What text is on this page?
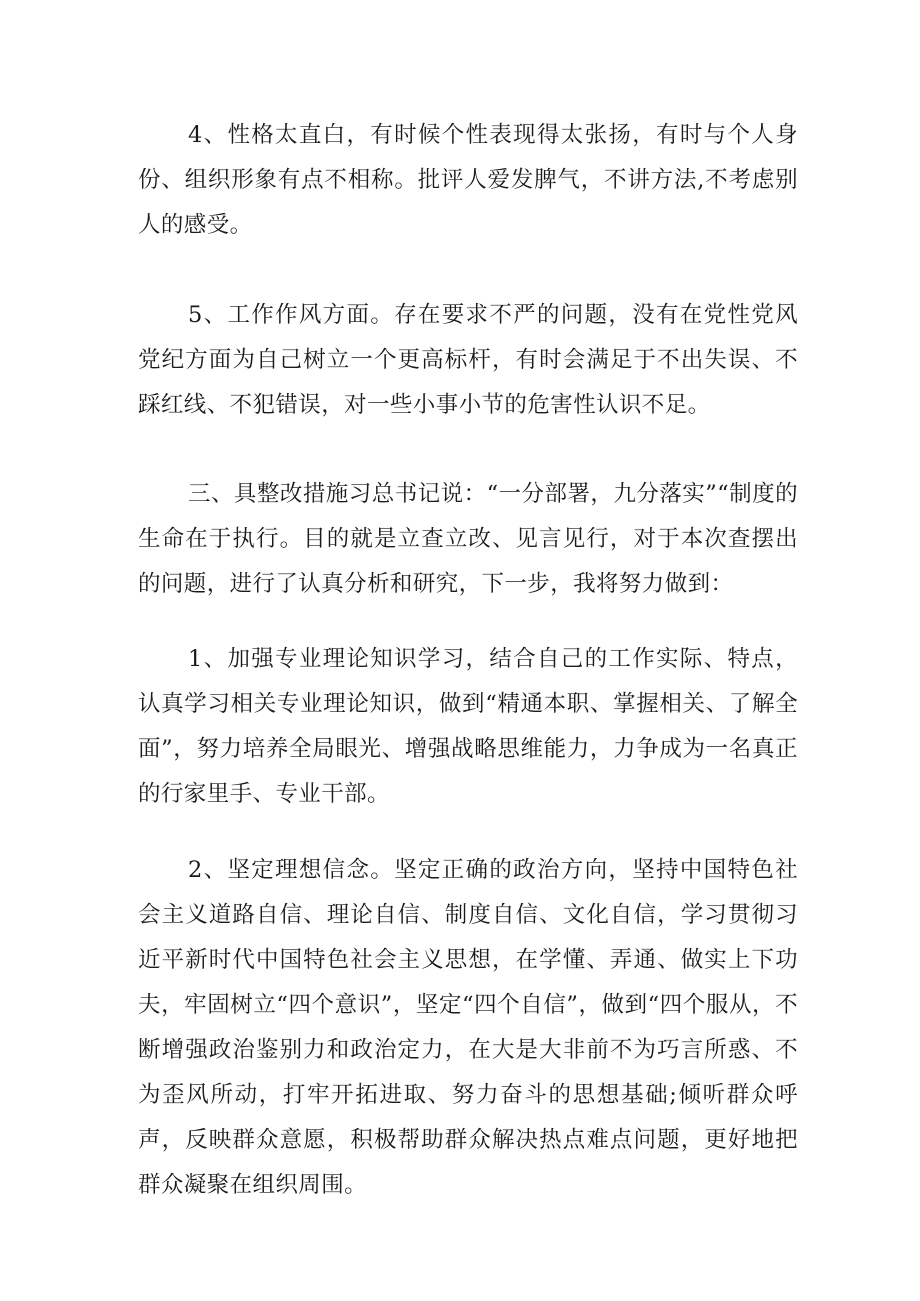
4、性格太直白，有时候个性表现得太张扬，有时与个人身份、组织形象有点不相称。批评人爱发脾气，不讲方法,不考虑别人的感受。

5、工作作风方面。存在要求不严的问题，没有在党性党风党纪方面为自己树立一个更高标杆，有时会满足于不出失误、不踩红线、不犯错误，对一些小事小节的危害性认识不足。

三、具整改措施习总书记说：“一分部署，九分落实”“制度的生命在于执行。目的就是立查立改、见言见行，对于本次查摆出的问题，进行了认真分析和研究，下一步，我将努力做到：

1、加强专业理论知识学习，结合自己的工作实际、特点，认真学习相关专业理论知识，做到“精通本职、掌握相关、了解全面”，努力培养全局眼光、增强战略思维能力，力争成为一名真正的行家里手、专业干部。

2、坚定理想信念。坚定正确的政治方向，坚持中国特色社会主义道路自信、理论自信、制度自信、文化自信，学习贯彻习近平新时代中国特色社会主义思想，在学懂、弄通、做实上下功夫，牢固树立“四个意识”，坚定“四个自信”，做到“四个服从，不断增强政治鉴别力和政治定力，在大是大非前不为巧言所惑、不为歪风所动，打牢开拓进取、努力奋斗的思想基础;倾听群众呼声，反映群众意愿，积极帮助群众解决热点难点问题，更好地把群众凝聚在组织周围。
